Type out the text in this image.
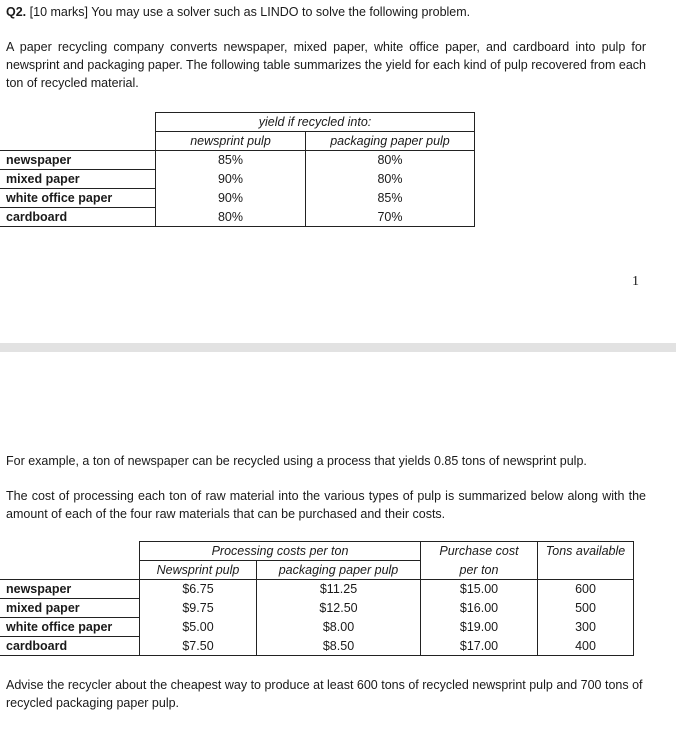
Q2. [10 marks] You may use a solver such as LINDO to solve the following problem.

A paper recycling company converts newspaper, mixed paper, white office paper, and cardboard into pulp for newsprint and packaging paper. The following table summarizes the yield for each kind of pulp recovered from each ton of recycled material.

	yield if recycled into:	
	newsprint pulp	packaging paper pulp
newspaper	85%	80%
mixed paper	90%	80%
white office paper	90%	85%
cardboard	80%	70%
1

For example, a ton of newspaper can be recycled using a process that yields 0.85 tons of newsprint pulp.

The cost of processing each ton of raw material into the various types of pulp is summarized below along with the amount of each of the four raw materials that can be purchased and their costs.

	Processing costs per ton		Purchase cost	Tons available
	Newsprint pulp	packaging paper pulp	per ton	
newspaper	$6.75	$11.25	$15.00	600
mixed paper	$9.75	$12.50	$16.00	500
white office paper	$5.00	$8.00	$19.00	300
cardboard	$7.50	$8.50	$17.00	400

Advise the recycler about the cheapest way to produce at least 600 tons of recycled newsprint pulp and 700 tons of recycled packaging paper pulp.
